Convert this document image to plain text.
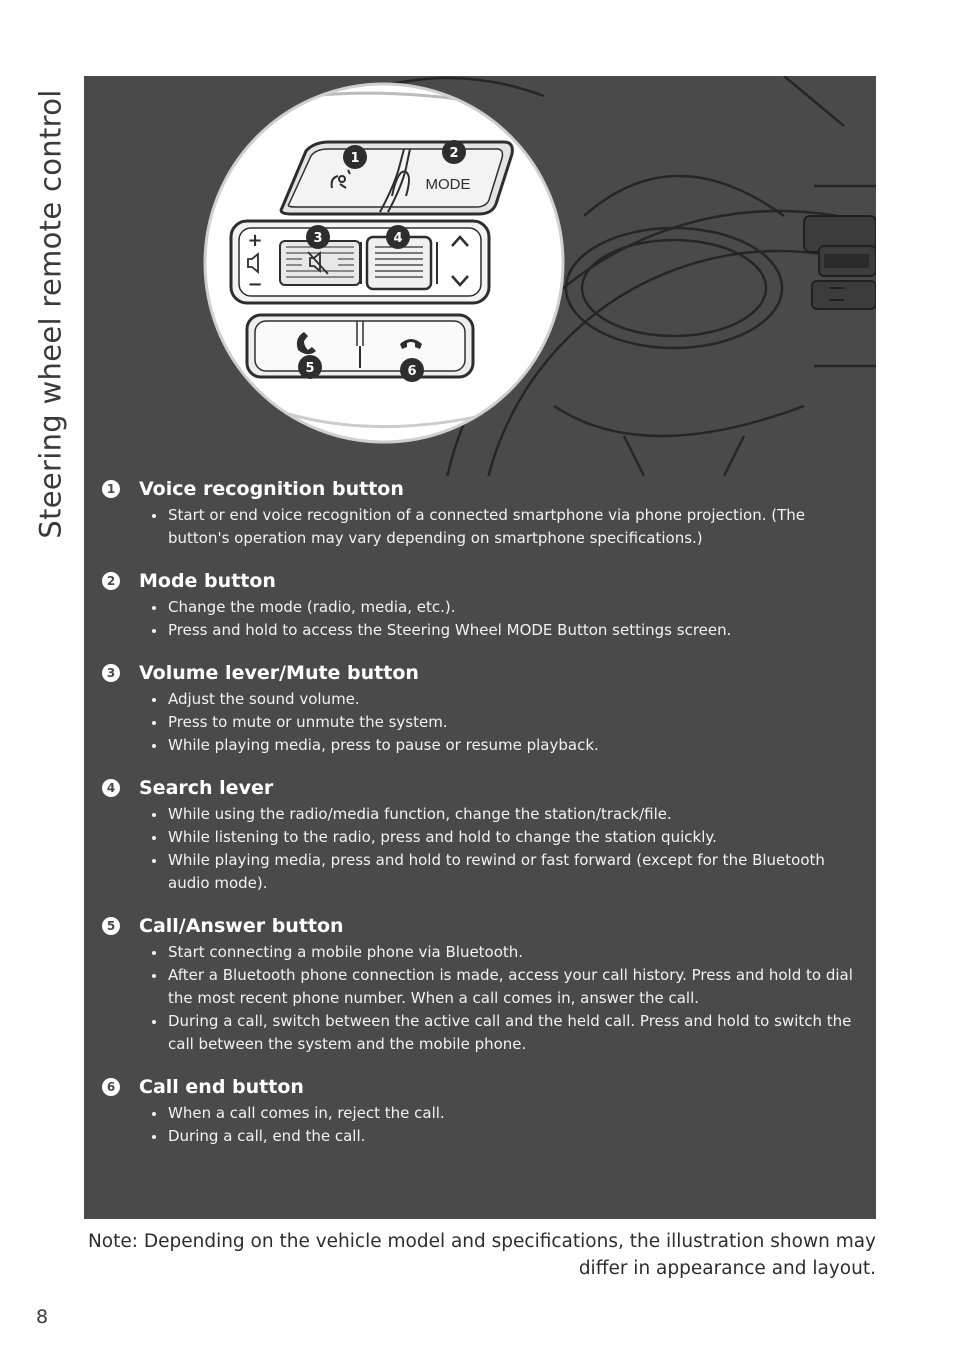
Steering wheel remote control	MODE
+
−
1	2
3	4
5	6
1 Voice recognition button
Start or end voice recognition of a connected smartphone via phone projection. (The button's operation may vary depending on smartphone specifications.)
2 Mode button
Change the mode (radio, media, etc.).
Press and hold to access the Steering Wheel MODE Button settings screen.
3 Volume lever/Mute button
Adjust the sound volume.
Press to mute or unmute the system.
While playing media, press to pause or resume playback.
4 Search lever
While using the radio/media function, change the station/track/file.
While listening to the radio, press and hold to change the station quickly.
While playing media, press and hold to rewind or fast forward (except for the Bluetooth audio mode).
5 Call/Answer button
Start connecting a mobile phone via Bluetooth.
After a Bluetooth phone connection is made, access your call history. Press and hold to dial the most recent phone number. When a call comes in, answer the call.
During a call, switch between the active call and the held call. Press and hold to switch the call between the system and the mobile phone.
6 Call end button
When a call comes in, reject the call.
During a call, end the call.
Note: Depending on the vehicle model and specifications, the illustration shown may differ in appearance and layout.
8
